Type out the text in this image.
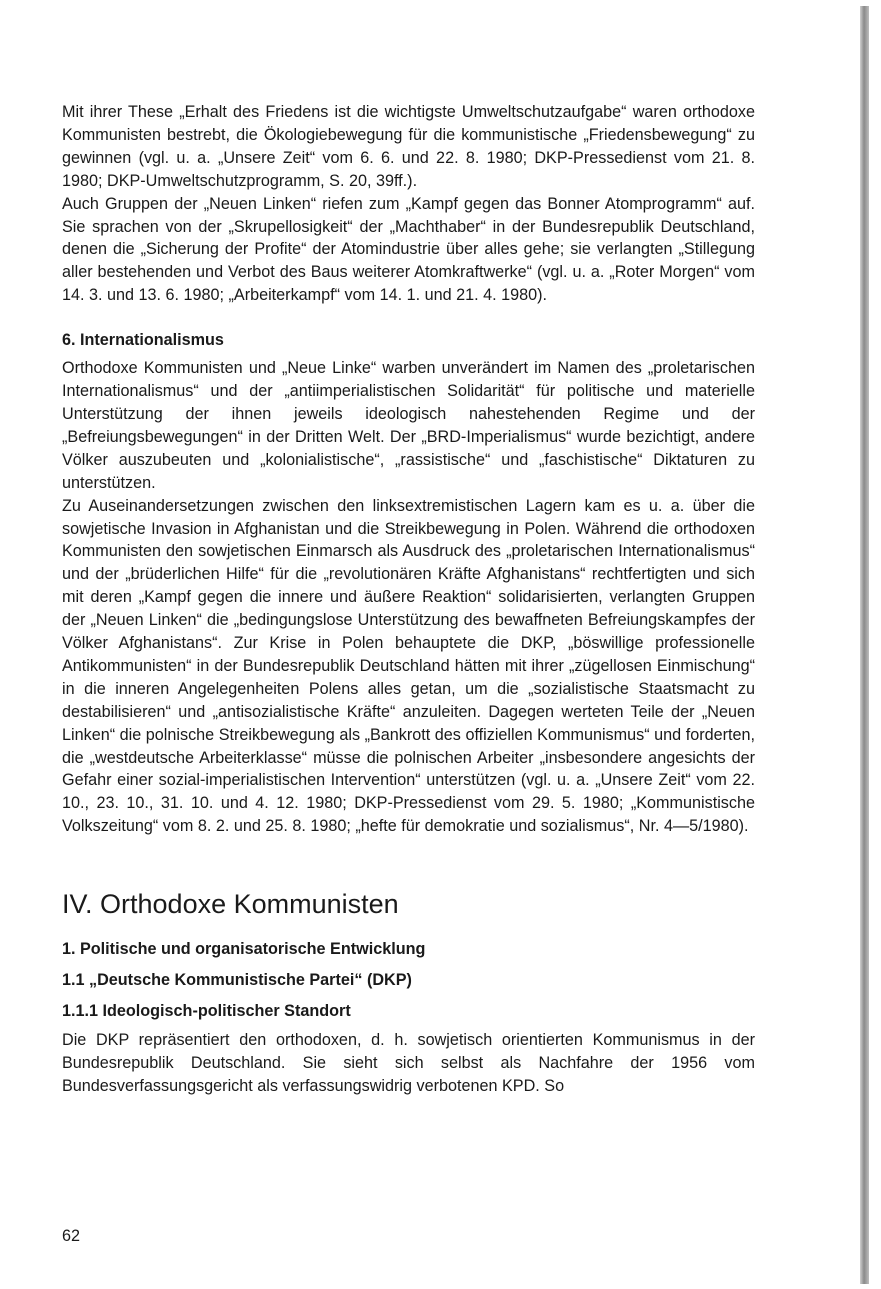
Mit ihrer These „Erhalt des Friedens ist die wichtigste Umweltschutzaufgabe“ waren orthodoxe Kommunisten bestrebt, die Ökologiebewegung für die kommunistische „Friedensbewegung“ zu gewinnen (vgl. u. a. „Unsere Zeit“ vom 6. 6. und 22. 8. 1980; DKP-Pressedienst vom 21. 8. 1980; DKP-Umweltschutzprogramm, S. 20, 39ff.).

Auch Gruppen der „Neuen Linken“ riefen zum „Kampf gegen das Bonner Atomprogramm“ auf. Sie sprachen von der „Skrupellosigkeit“ der „Machthaber“ in der Bundesrepublik Deutschland, denen die „Sicherung der Profite“ der Atomindustrie über alles gehe; sie verlangten „Stillegung aller bestehenden und Verbot des Baus weiterer Atomkraftwerke“ (vgl. u. a. „Roter Morgen“ vom 14. 3. und 13. 6. 1980; „Arbeiterkampf“ vom 14. 1. und 21. 4. 1980).

6. Internationalismus

Orthodoxe Kommunisten und „Neue Linke“ warben unverändert im Namen des „proletarischen Internationalismus“ und der „antiimperialistischen Solidarität“ für politische und materielle Unterstützung der ihnen jeweils ideologisch nahestehenden Regime und der „Befreiungsbewegungen“ in der Dritten Welt. Der „BRD-Imperialismus“ wurde bezichtigt, andere Völker auszubeuten und „kolonialistische“, „rassistische“ und „faschistische“ Diktaturen zu unterstützen.

Zu Auseinandersetzungen zwischen den linksextremistischen Lagern kam es u. a. über die sowjetische Invasion in Afghanistan und die Streikbewegung in Polen. Während die orthodoxen Kommunisten den sowjetischen Einmarsch als Ausdruck des „proletarischen Internationalismus“ und der „brüderlichen Hilfe“ für die „revolutionären Kräfte Afghanistans“ rechtfertigten und sich mit deren „Kampf gegen die innere und äußere Reaktion“ solidarisierten, verlangten Gruppen der „Neuen Linken“ die „bedingungslose Unterstützung des bewaffneten Befreiungskampfes der Völker Afghanistans“. Zur Krise in Polen behauptete die DKP, „böswillige professionelle Antikommunisten“ in der Bundesrepublik Deutschland hätten mit ihrer „zügellosen Einmischung“ in die inneren Angelegenheiten Polens alles getan, um die „sozialistische Staatsmacht zu destabilisieren“ und „antisozialistische Kräfte“ anzuleiten. Dagegen werteten Teile der „Neuen Linken“ die polnische Streikbewegung als „Bankrott des offiziellen Kommunismus“ und forderten, die „westdeutsche Arbeiterklasse“ müsse die polnischen Arbeiter „insbesondere angesichts der Gefahr einer sozial-imperialistischen Intervention“ unterstützen (vgl. u. a. „Unsere Zeit“ vom 22. 10., 23. 10., 31. 10. und 4. 12. 1980; DKP-Pressedienst vom 29. 5. 1980; „Kommunistische Volkszeitung“ vom 8. 2. und 25. 8. 1980; „hefte für demokratie und sozialismus“, Nr. 4—5/1980).

IV. Orthodoxe Kommunisten
1. Politische und organisatorische Entwicklung
1.1 „Deutsche Kommunistische Partei“ (DKP)
1.1.1 Ideologisch-politischer Standort

Die DKP repräsentiert den orthodoxen, d. h. sowjetisch orientierten Kommunismus in der Bundesrepublik Deutschland. Sie sieht sich selbst als Nachfahre der 1956 vom Bundesverfassungsgericht als verfassungswidrig verbotenen KPD. So

62
